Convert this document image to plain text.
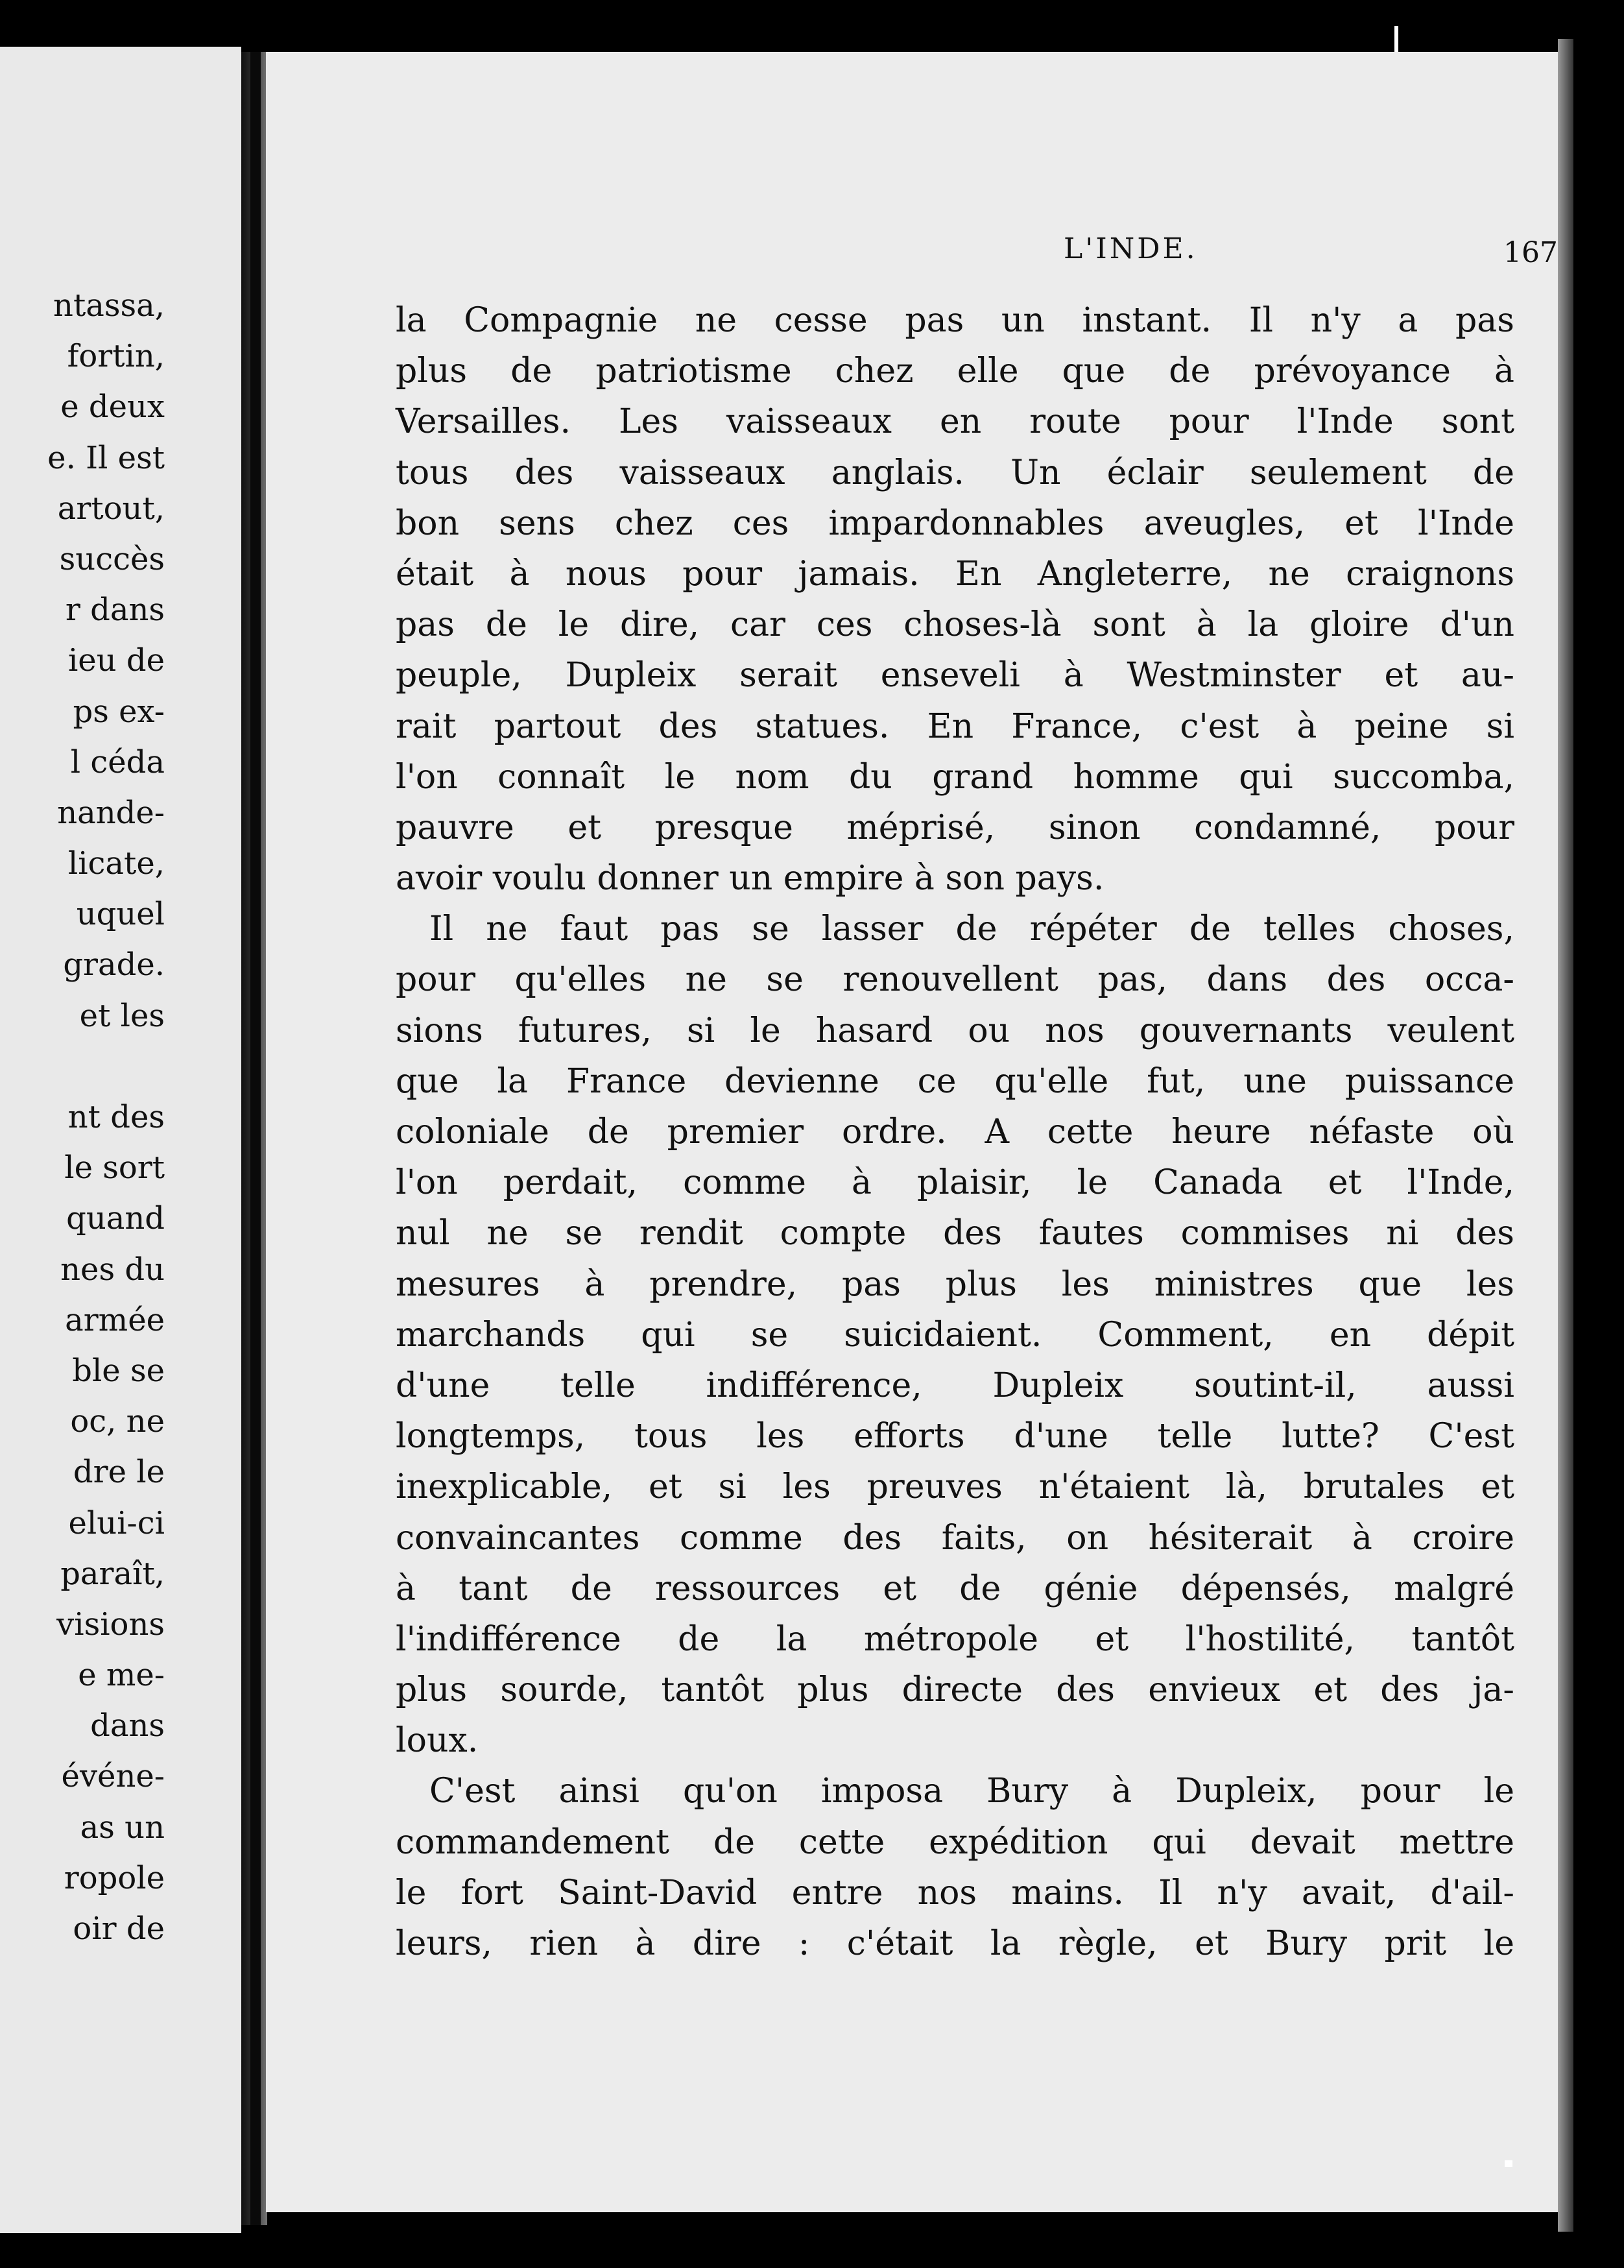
ntassa,
fortin,
e deux
e. Il est
artout,
succès
r dans
ieu de
ps ex-
l céda
nande-
licate,
uquel
grade.
et les
nt des
le sort
quand
nes du
armée
ble se
oc, ne
dre le
elui-ci
paraît,
visions
e me-
dans
événe-
as un
ropole
oir de
L'INDE.	167
la Compagnie ne cesse pas un instant. Il n'y a pas
plus de patriotisme chez elle que de prévoyance à
Versailles. Les vaisseaux en route pour l'Inde sont
tous des vaisseaux anglais. Un éclair seulement de
bon sens chez ces impardonnables aveugles, et l'Inde
était à nous pour jamais. En Angleterre, ne craignons
pas de le dire, car ces choses-là sont à la gloire d'un
peuple, Dupleix serait enseveli à Westminster et au-
rait partout des statues. En France, c'est à peine si
l'on connaît le nom du grand homme qui succomba,
pauvre et presque méprisé, sinon condamné, pour
avoir voulu donner un empire à son pays.
Il ne faut pas se lasser de répéter de telles choses,
pour qu'elles ne se renouvellent pas, dans des occa-
sions futures, si le hasard ou nos gouvernants veulent
que la France devienne ce qu'elle fut, une puissance
coloniale de premier ordre. A cette heure néfaste où
l'on perdait, comme à plaisir, le Canada et l'Inde,
nul ne se rendit compte des fautes commises ni des
mesures à prendre, pas plus les ministres que les
marchands qui se suicidaient. Comment, en dépit
d'une telle indifférence, Dupleix soutint-il, aussi
longtemps, tous les efforts d'une telle lutte? C'est
inexplicable, et si les preuves n'étaient là, brutales et
convaincantes comme des faits, on hésiterait à croire
à tant de ressources et de génie dépensés, malgré
l'indifférence de la métropole et l'hostilité, tantôt
plus sourde, tantôt plus directe des envieux et des ja-
loux.
C'est ainsi qu'on imposa Bury à Dupleix, pour le
commandement de cette expédition qui devait mettre
le fort Saint-David entre nos mains. Il n'y avait, d'ail-
leurs, rien à dire : c'était la règle, et Bury prit le
